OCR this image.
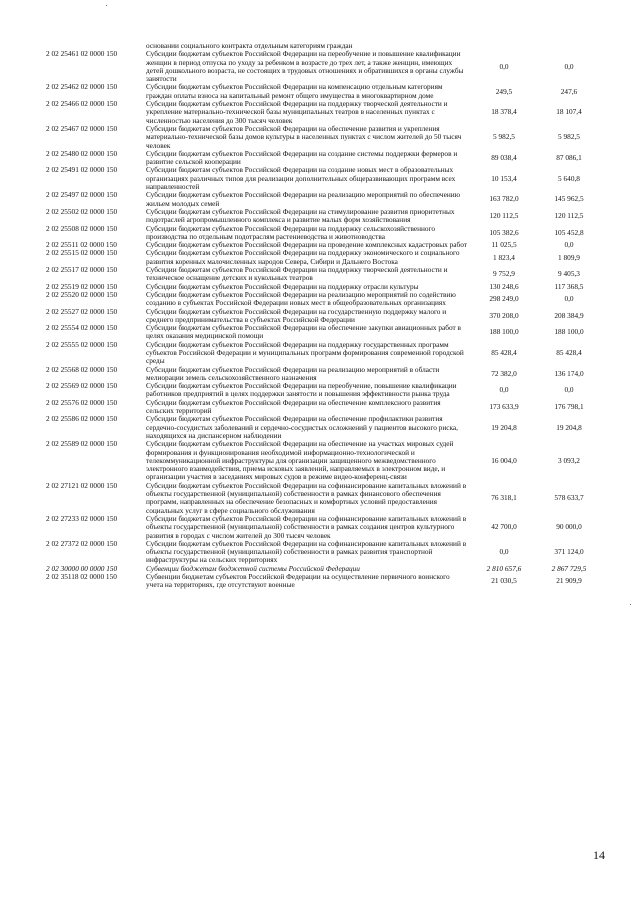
	основании социального контракта отдельным категориям граждан		
2 02 25461 02 0000 150	Субсидии бюджетам субъектов Российской Федерации на переобучение и повышение квалификации женщин в период отпуска по уходу за ребенком в возрасте до трех лет, а также женщин, имеющих детей дошкольного возраста, не состоящих в трудовых отношениях и обратившихся в органы службы занятости	0,0	0,0
2 02 25462 02 0000 150	Субсидии бюджетам субъектов Российской Федерации на компенсацию отдельным категориям граждан оплаты взноса на капитальный ремонт общего имущества в многоквартирном доме	249,5	247,6
2 02 25466 02 0000 150	Субсидии бюджетам субъектов Российской Федерации на поддержку творческой деятельности и укрепление материально-технической базы муниципальных театров в населенных пунктах с численностью населения до 300 тысяч человек	18 378,4	18 107,4
2 02 25467 02 0000 150	Субсидии бюджетам субъектов Российской Федерации на обеспечение развития и укрепления материально-технической базы домов культуры в населенных пунктах с числом жителей до 50 тысяч человек	5 982,5	5 982,5
2 02 25480 02 0000 150	Субсидии бюджетам субъектов Российской Федерации на создание системы поддержки фермеров и развитие сельской кооперации	89 038,4	87 086,1
2 02 25491 02 0000 150	Субсидии бюджетам субъектов Российской Федерации на создание новых мест в образовательных организациях различных типов для реализации дополнительных общеразвивающих программ всех направленностей	10 153,4	5 640,8
2 02 25497 02 0000 150	Субсидии бюджетам субъектов Российской Федерации на реализацию мероприятий по обеспечению жильем молодых семей	163 782,0	145 962,5
2 02 25502 02 0000 150	Субсидии бюджетам субъектов Российской Федерации на стимулирование развития приоритетных подотраслей агропромышленного комплекса и развитие малых форм хозяйствования	120 112,5	120 112,5
2 02 25508 02 0000 150	Субсидии бюджетам субъектов Российской Федерации на поддержку сельскохозяйственного производства по отдельным подотраслям растениеводства и животноводства	105 382,6	105 452,8
2 02 25511 02 0000 150	Субсидии бюджетам субъектов Российской Федерации на проведение комплексных кадастровых работ	11 025,5	0,0
2 02 25515 02 0000 150	Субсидии бюджетам субъектов Российской Федерации на поддержку экономического и социального развития коренных малочисленных народов Севера, Сибири и Дальнего Востока	1 823,4	1 809,9
2 02 25517 02 0000 150	Субсидии бюджетам субъектов Российской Федерации на поддержку творческой деятельности и техническое оснащение детских и кукольных театров	9 752,9	9 405,3
2 02 25519 02 0000 150	Субсидии бюджетам субъектов Российской Федерации на поддержку отрасли культуры	130 248,6	117 368,5
2 02 25520 02 0000 150	Субсидии бюджетам субъектов Российской Федерации на реализацию мероприятий по содействию созданию в субъектах Российской Федерации новых мест в общеобразовательных организациях	298 249,0	0,0
2 02 25527 02 0000 150	Субсидии бюджетам субъектов Российской Федерации на государственную поддержку малого и среднего предпринимательства в субъектах Российской Федерации	370 208,0	208 384,9
2 02 25554 02 0000 150	Субсидии бюджетам субъектов Российской Федерации на обеспечение закупки авиационных работ в целях оказания медицинской помощи	188 100,0	188 100,0
2 02 25555 02 0000 150	Субсидии бюджетам субъектов Российской Федерации на поддержку государственных программ субъектов Российской Федерации и муниципальных программ формирования современной городской среды	85 428,4	85 428,4
2 02 25568 02 0000 150	Субсидии бюджетам субъектов Российской Федерации на реализацию мероприятий в области мелиорации земель сельскохозяйственного назначения	72 382,0	136 174,0
2 02 25569 02 0000 150	Субсидии бюджетам субъектов Российской Федерации на переобучение, повышение квалификации работников предприятий в целях поддержки занятости и повышения эффективности рынка труда	0,0	0,0
2 02 25576 02 0000 150	Субсидии бюджетам субъектов Российской Федерации на обеспечение комплексного развития сельских территорий	173 633,9	176 798,1
2 02 25586 02 0000 150	Субсидии бюджетам субъектов Российской Федерации на обеспечение профилактики развития сердечно-сосудистых заболеваний и сердечно-сосудистых осложнений у пациентов высокого риска, находящихся на диспансерном наблюдении	19 204,8	19 204,8
2 02 25589 02 0000 150	Субсидии бюджетам субъектов Российской Федерации на обеспечение на участках мировых судей формирования и функционирования необходимой информационно-технологической и телекоммуникационной инфраструктуры для организации защищенного межведомственного электронного взаимодействия, приема исковых заявлений, направляемых в электронном виде, и организации участия в заседаниях мировых судов в режиме видео-конференц-связи	16 004,0	3 093,2
2 02 27121 02 0000 150	Субсидии бюджетам субъектов Российской Федерации на софинансирование капитальных вложений в объекты государственной (муниципальной) собственности в рамках финансового обеспечения программ, направленных на обеспечение безопасных и комфортных условий предоставления социальных услуг в сфере социального обслуживания	76 318,1	578 633,7
2 02 27233 02 0000 150	Субсидии бюджетам субъектов Российской Федерации на софинансирование капитальных вложений в объекты государственной (муниципальной) собственности в рамках создания центров культурного развития в городах с числом жителей до 300 тысяч человек	42 700,0	90 000,0
2 02 27372 02 0000 150	Субсидии бюджетам субъектов Российской Федерации на софинансирование капитальных вложений в объекты государственной (муниципальной) собственности в рамках развития транспортной инфраструктуры на сельских территориях	0,0	371 124,0
2 02 30000 00 0000 150	Субвенции бюджетам бюджетной системы Российской Федерации	2 810 657,6	2 867 729,5
2 02 35118 02 0000 150	Субвенции бюджетам субъектов Российской Федерации на осуществление первичного воинского учета на территориях, где отсутствуют военные	21 030,5	21 909,9
14
